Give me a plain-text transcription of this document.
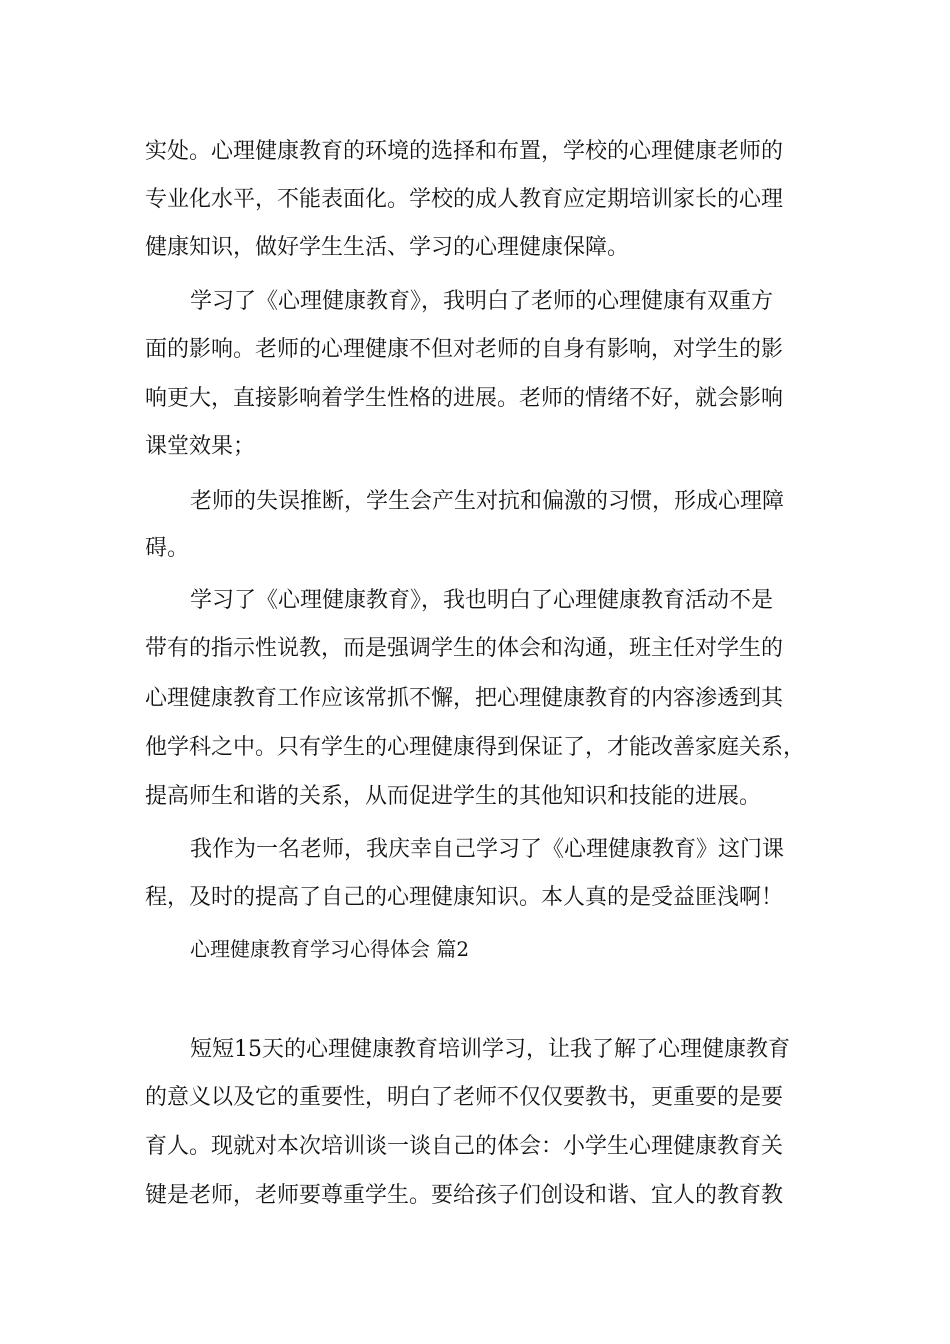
实处。心理健康教育的环境的选择和布置，学校的心理健康老师的
专业化水平，不能表面化。学校的成人教育应定期培训家长的心理
健康知识，做好学生生活、学习的心理健康保障。
学习了《心理健康教育》，我明白了老师的心理健康有双重方
面的影响。老师的心理健康不但对老师的自身有影响，对学生的影
响更大，直接影响着学生性格的进展。老师的情绪不好，就会影响
课堂效果；
老师的失误推断，学生会产生对抗和偏激的习惯，形成心理障
碍。
学习了《心理健康教育》，我也明白了心理健康教育活动不是
带有的指示性说教，而是强调学生的体会和沟通，班主任对学生的
心理健康教育工作应该常抓不懈，把心理健康教育的内容渗透到其
他学科之中。只有学生的心理健康得到保证了，才能改善家庭关系，
提高师生和谐的关系，从而促进学生的其他知识和技能的进展。
我作为一名老师，我庆幸自己学习了《心理健康教育》这门课
程，及时的提高了自己的心理健康知识。本人真的是受益匪浅啊！
心理健康教育学习心得体会 篇2
短短15天的心理健康教育培训学习，让我了解了心理健康教育
的意义以及它的重要性，明白了老师不仅仅要教书，更重要的是要
育人。现就对本次培训谈一谈自己的体会：小学生心理健康教育关
键是老师，老师要尊重学生。要给孩子们创设和谐、宜人的教育教
